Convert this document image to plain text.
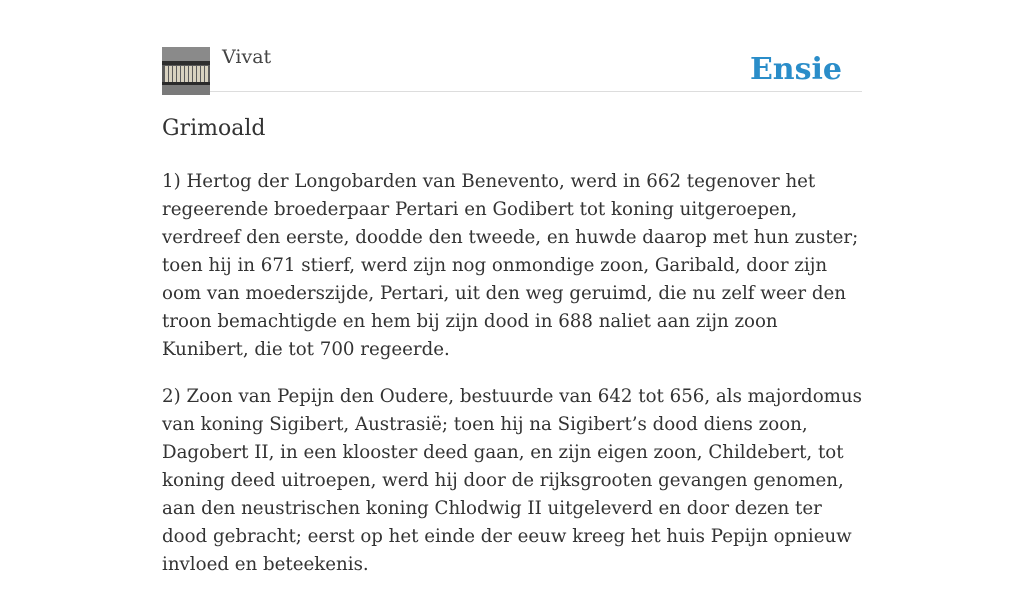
Vivat	Ensie
Grimoald

1) Hertog der Longobarden van Benevento, werd in 662 tegenover het regeerende broederpaar Pertari en Godibert tot koning uitgeroepen, verdreef den eerste, doodde den tweede, en huwde daarop met hun zuster; toen hij in 671 stierf, werd zijn nog onmondige zoon, Garibald, door zijn oom van moederszijde, Pertari, uit den weg geruimd, die nu zelf weer den troon bemachtigde en hem bij zijn dood in 688 naliet aan zijn zoon Kunibert, die tot 700 regeerde.

2) Zoon van Pepijn den Oudere, bestuurde van 642 tot 656, als majordomus van koning Sigibert, Austrasië; toen hij na Sigibert’s dood diens zoon, Dagobert II, in een klooster deed gaan, en zijn eigen zoon, Childebert, tot koning deed uitroepen, werd hij door de rijksgrooten gevangen genomen, aan den neustrischen koning Chlodwig II uitgeleverd en door dezen ter dood gebracht; eerst op het einde der eeuw kreeg het huis Pepijn opnieuw invloed en beteekenis.
